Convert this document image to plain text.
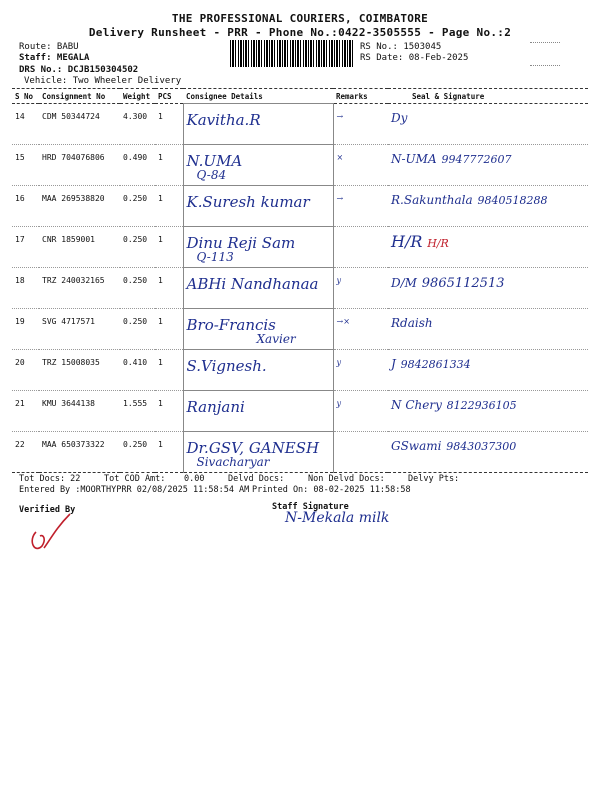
THE PROFESSIONAL COURIERS, COIMBATORE
Delivery Runsheet - PRR - Phone No.:0422-3505555 - Page No.:2
Route: BABU
Staff: MEGALA
DRS No.: DCJB150304502
Vehicle: Two Wheeler Delivery
RS No.: 1503045
RS Date: 08-Feb-2025
S No	Consignment No	Weight	PCS	Consignee Details	Remarks	Seal & Signature
14	CDM 50344724	4.300	1	Kavitha.R	→	Dy
15	HRD 704076806	0.490	1	N.UMA
Q-84	×	N-UMA 9947772607
16	MAA 269538820	0.250	1	K.Suresh kumar	→	R.Sakunthala 9840518288
17	CNR 1859001	0.250	1	Dinu Reji Sam
Q-113		H/R H/R
18	TRZ 240032165	0.250	1	ABHi Nandhanaa	y	D/M 9865112513
19	SVG 4717571	0.250	1	Bro-Francis
Xavier	→×	Rdaish
20	TRZ 15008035	0.410	1	S.Vignesh.	y	J 9842861334
21	KMU 3644138	1.555	1	Ranjani	y	N Chery 8122936105
22	MAA 650373322	0.250	1	Dr.GSV, GANESH
Sivacharyar		GSwami 9843037300
Tot Docs: 22	Tot COD Amt: 0.00	Delvd Docs:	Non Delvd Docs:	Delvy Pts:
Entered By :MOORTHYPRR 02/08/2025 11:58:54 AM Printed On: 08-02-2025 11:58:58
Verified By	Staff Signature
N-Mekala milk
